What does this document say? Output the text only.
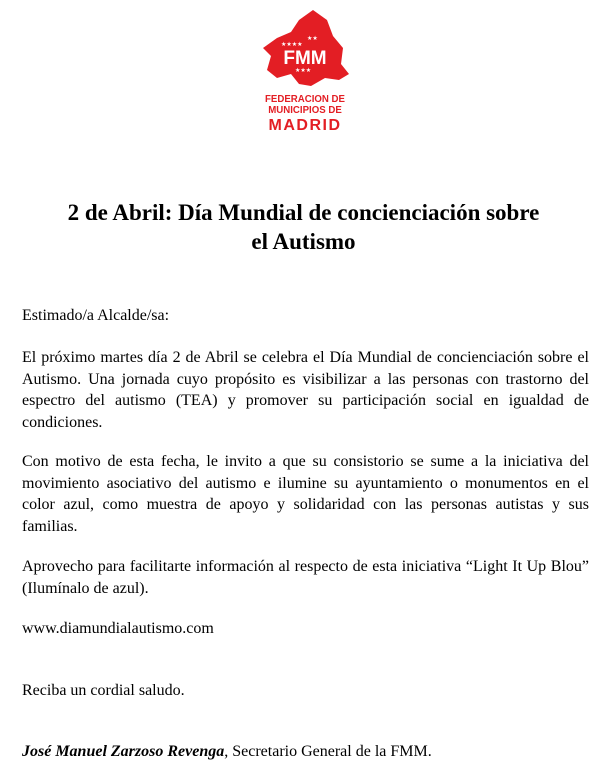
★★★★
★★
★★★
FMM
FEDERACION DE
MUNICIPIOS DE
MADRID
2 de Abril: Día Mundial de concienciación sobre
el Autismo

Estimado/a Alcalde/sa:

El próximo martes día 2 de Abril se celebra el Día Mundial de concienciación sobre el Autismo. Una jornada cuyo propósito es visibilizar a las personas con trastorno del espectro del autismo (TEA) y promover su participación social en igualdad de condiciones.

Con motivo de esta fecha, le invito a que su consistorio se sume a la iniciativa del movimiento asociativo del autismo e ilumine su ayuntamiento o monumentos en el color azul, como muestra de apoyo y solidaridad con las personas autistas y sus familias.

Aprovecho para facilitarte información al respecto de esta iniciativa “Light It Up Blou” (Ilumínalo de azul).

www.diamundialautismo.com

Reciba un cordial saludo.

José Manuel Zarzoso Revenga, Secretario General de la FMM.
